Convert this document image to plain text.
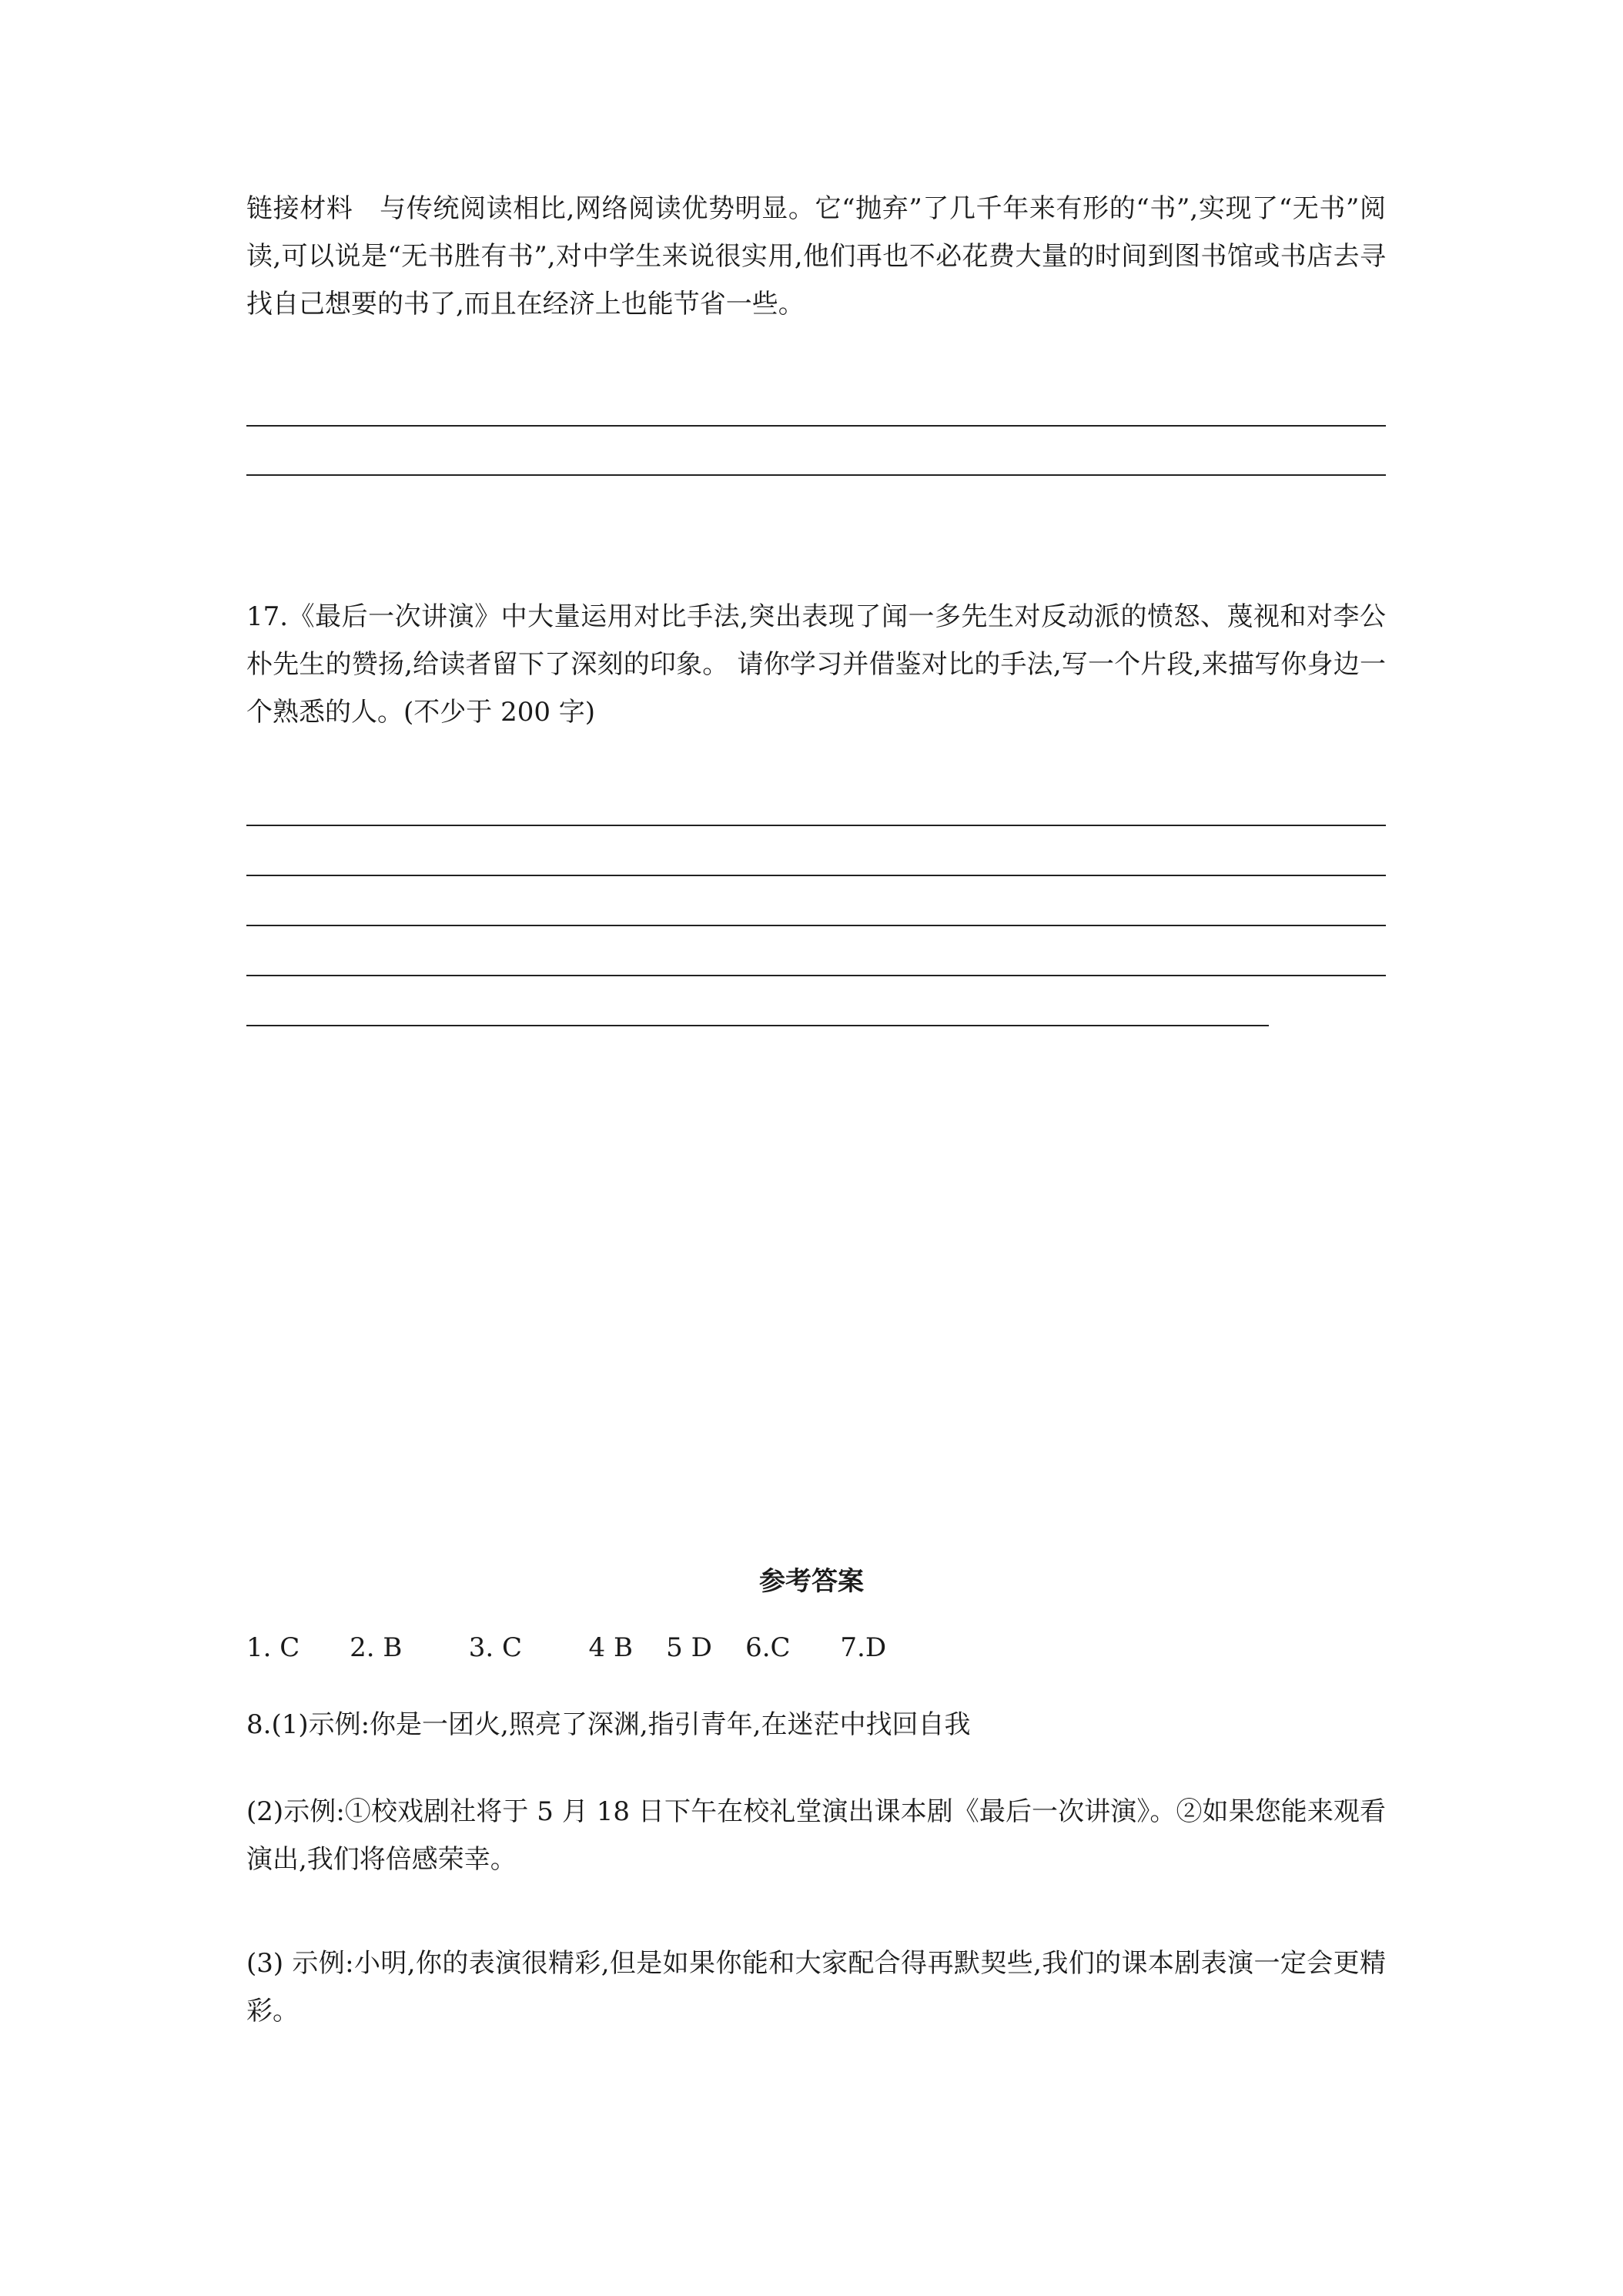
链接材料　与传统阅读相比,网络阅读优势明显。它“抛弃”了几千年来有形的“书”,实现了“无书”阅读,可以说是“无书胜有书”,对中学生来说很实用,他们再也不必花费大量的时间到图书馆或书店去寻找自己想要的书了,而且在经济上也能节省一些。

17.《最后一次讲演》中大量运用对比手法,突出表现了闻一多先生对反动派的愤怒、蔑视和对李公朴先生的赞扬,给读者留下了深刻的印象。 请你学习并借鉴对比的手法,写一个片段,来描写你身边一个熟悉的人。(不少于 200 字)

参考答案

1. C      2. B        3. C        4 B    5 D    6.C      7.D

8.(1)示例:你是一团火,照亮了深渊,指引青年,在迷茫中找回自我

(2)示例:①校戏剧社将于 5 月 18 日下午在校礼堂演出课本剧《最后一次讲演》。②如果您能来观看演出,我们将倍感荣幸。

(3) 示例:小明,你的表演很精彩,但是如果你能和大家配合得再默契些,我们的课本剧表演一定会更精彩。
